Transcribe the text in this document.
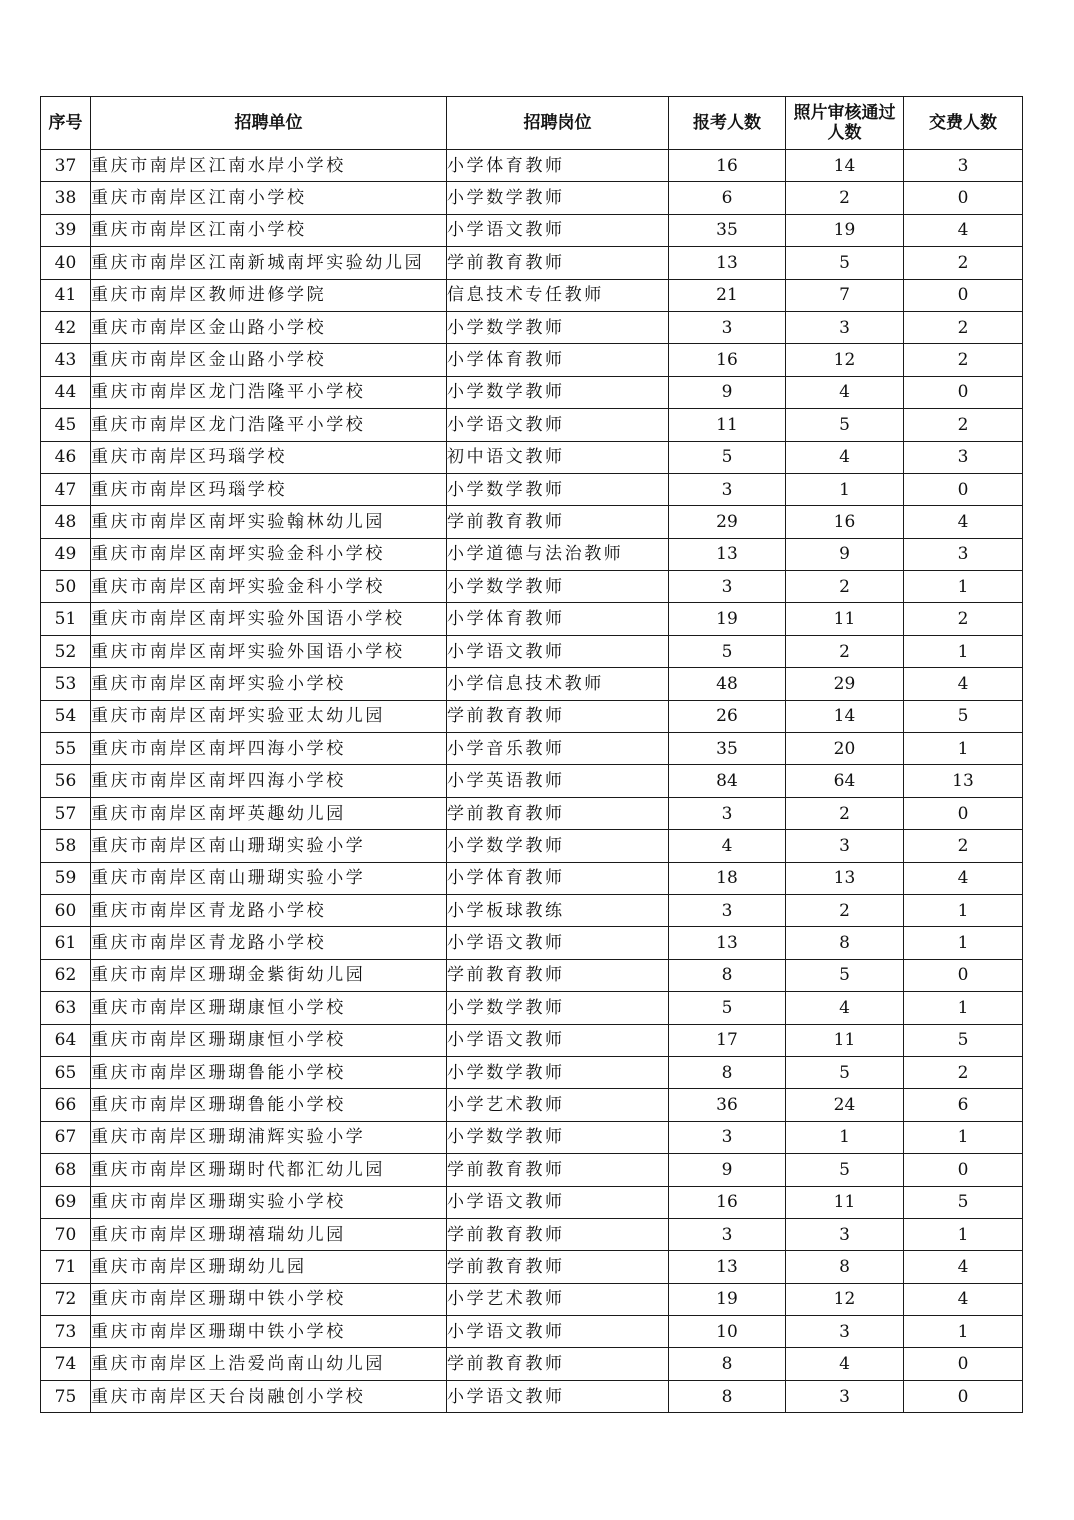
序号	招聘单位	招聘岗位	报考人数	照片审核通过人数	交费人数
37	重庆市南岸区江南水岸小学校	小学体育教师	16	14	3
38	重庆市南岸区江南小学校	小学数学教师	6	2	0
39	重庆市南岸区江南小学校	小学语文教师	35	19	4
40	重庆市南岸区江南新城南坪实验幼儿园	学前教育教师	13	5	2
41	重庆市南岸区教师进修学院	信息技术专任教师	21	7	0
42	重庆市南岸区金山路小学校	小学数学教师	3	3	2
43	重庆市南岸区金山路小学校	小学体育教师	16	12	2
44	重庆市南岸区龙门浩隆平小学校	小学数学教师	9	4	0
45	重庆市南岸区龙门浩隆平小学校	小学语文教师	11	5	2
46	重庆市南岸区玛瑙学校	初中语文教师	5	4	3
47	重庆市南岸区玛瑙学校	小学数学教师	3	1	0
48	重庆市南岸区南坪实验翰林幼儿园	学前教育教师	29	16	4
49	重庆市南岸区南坪实验金科小学校	小学道德与法治教师	13	9	3
50	重庆市南岸区南坪实验金科小学校	小学数学教师	3	2	1
51	重庆市南岸区南坪实验外国语小学校	小学体育教师	19	11	2
52	重庆市南岸区南坪实验外国语小学校	小学语文教师	5	2	1
53	重庆市南岸区南坪实验小学校	小学信息技术教师	48	29	4
54	重庆市南岸区南坪实验亚太幼儿园	学前教育教师	26	14	5
55	重庆市南岸区南坪四海小学校	小学音乐教师	35	20	1
56	重庆市南岸区南坪四海小学校	小学英语教师	84	64	13
57	重庆市南岸区南坪英趣幼儿园	学前教育教师	3	2	0
58	重庆市南岸区南山珊瑚实验小学	小学数学教师	4	3	2
59	重庆市南岸区南山珊瑚实验小学	小学体育教师	18	13	4
60	重庆市南岸区青龙路小学校	小学板球教练	3	2	1
61	重庆市南岸区青龙路小学校	小学语文教师	13	8	1
62	重庆市南岸区珊瑚金紫街幼儿园	学前教育教师	8	5	0
63	重庆市南岸区珊瑚康恒小学校	小学数学教师	5	4	1
64	重庆市南岸区珊瑚康恒小学校	小学语文教师	17	11	5
65	重庆市南岸区珊瑚鲁能小学校	小学数学教师	8	5	2
66	重庆市南岸区珊瑚鲁能小学校	小学艺术教师	36	24	6
67	重庆市南岸区珊瑚浦辉实验小学	小学数学教师	3	1	1
68	重庆市南岸区珊瑚时代都汇幼儿园	学前教育教师	9	5	0
69	重庆市南岸区珊瑚实验小学校	小学语文教师	16	11	5
70	重庆市南岸区珊瑚禧瑞幼儿园	学前教育教师	3	3	1
71	重庆市南岸区珊瑚幼儿园	学前教育教师	13	8	4
72	重庆市南岸区珊瑚中铁小学校	小学艺术教师	19	12	4
73	重庆市南岸区珊瑚中铁小学校	小学语文教师	10	3	1
74	重庆市南岸区上浩爱尚南山幼儿园	学前教育教师	8	4	0
75	重庆市南岸区天台岗融创小学校	小学语文教师	8	3	0
